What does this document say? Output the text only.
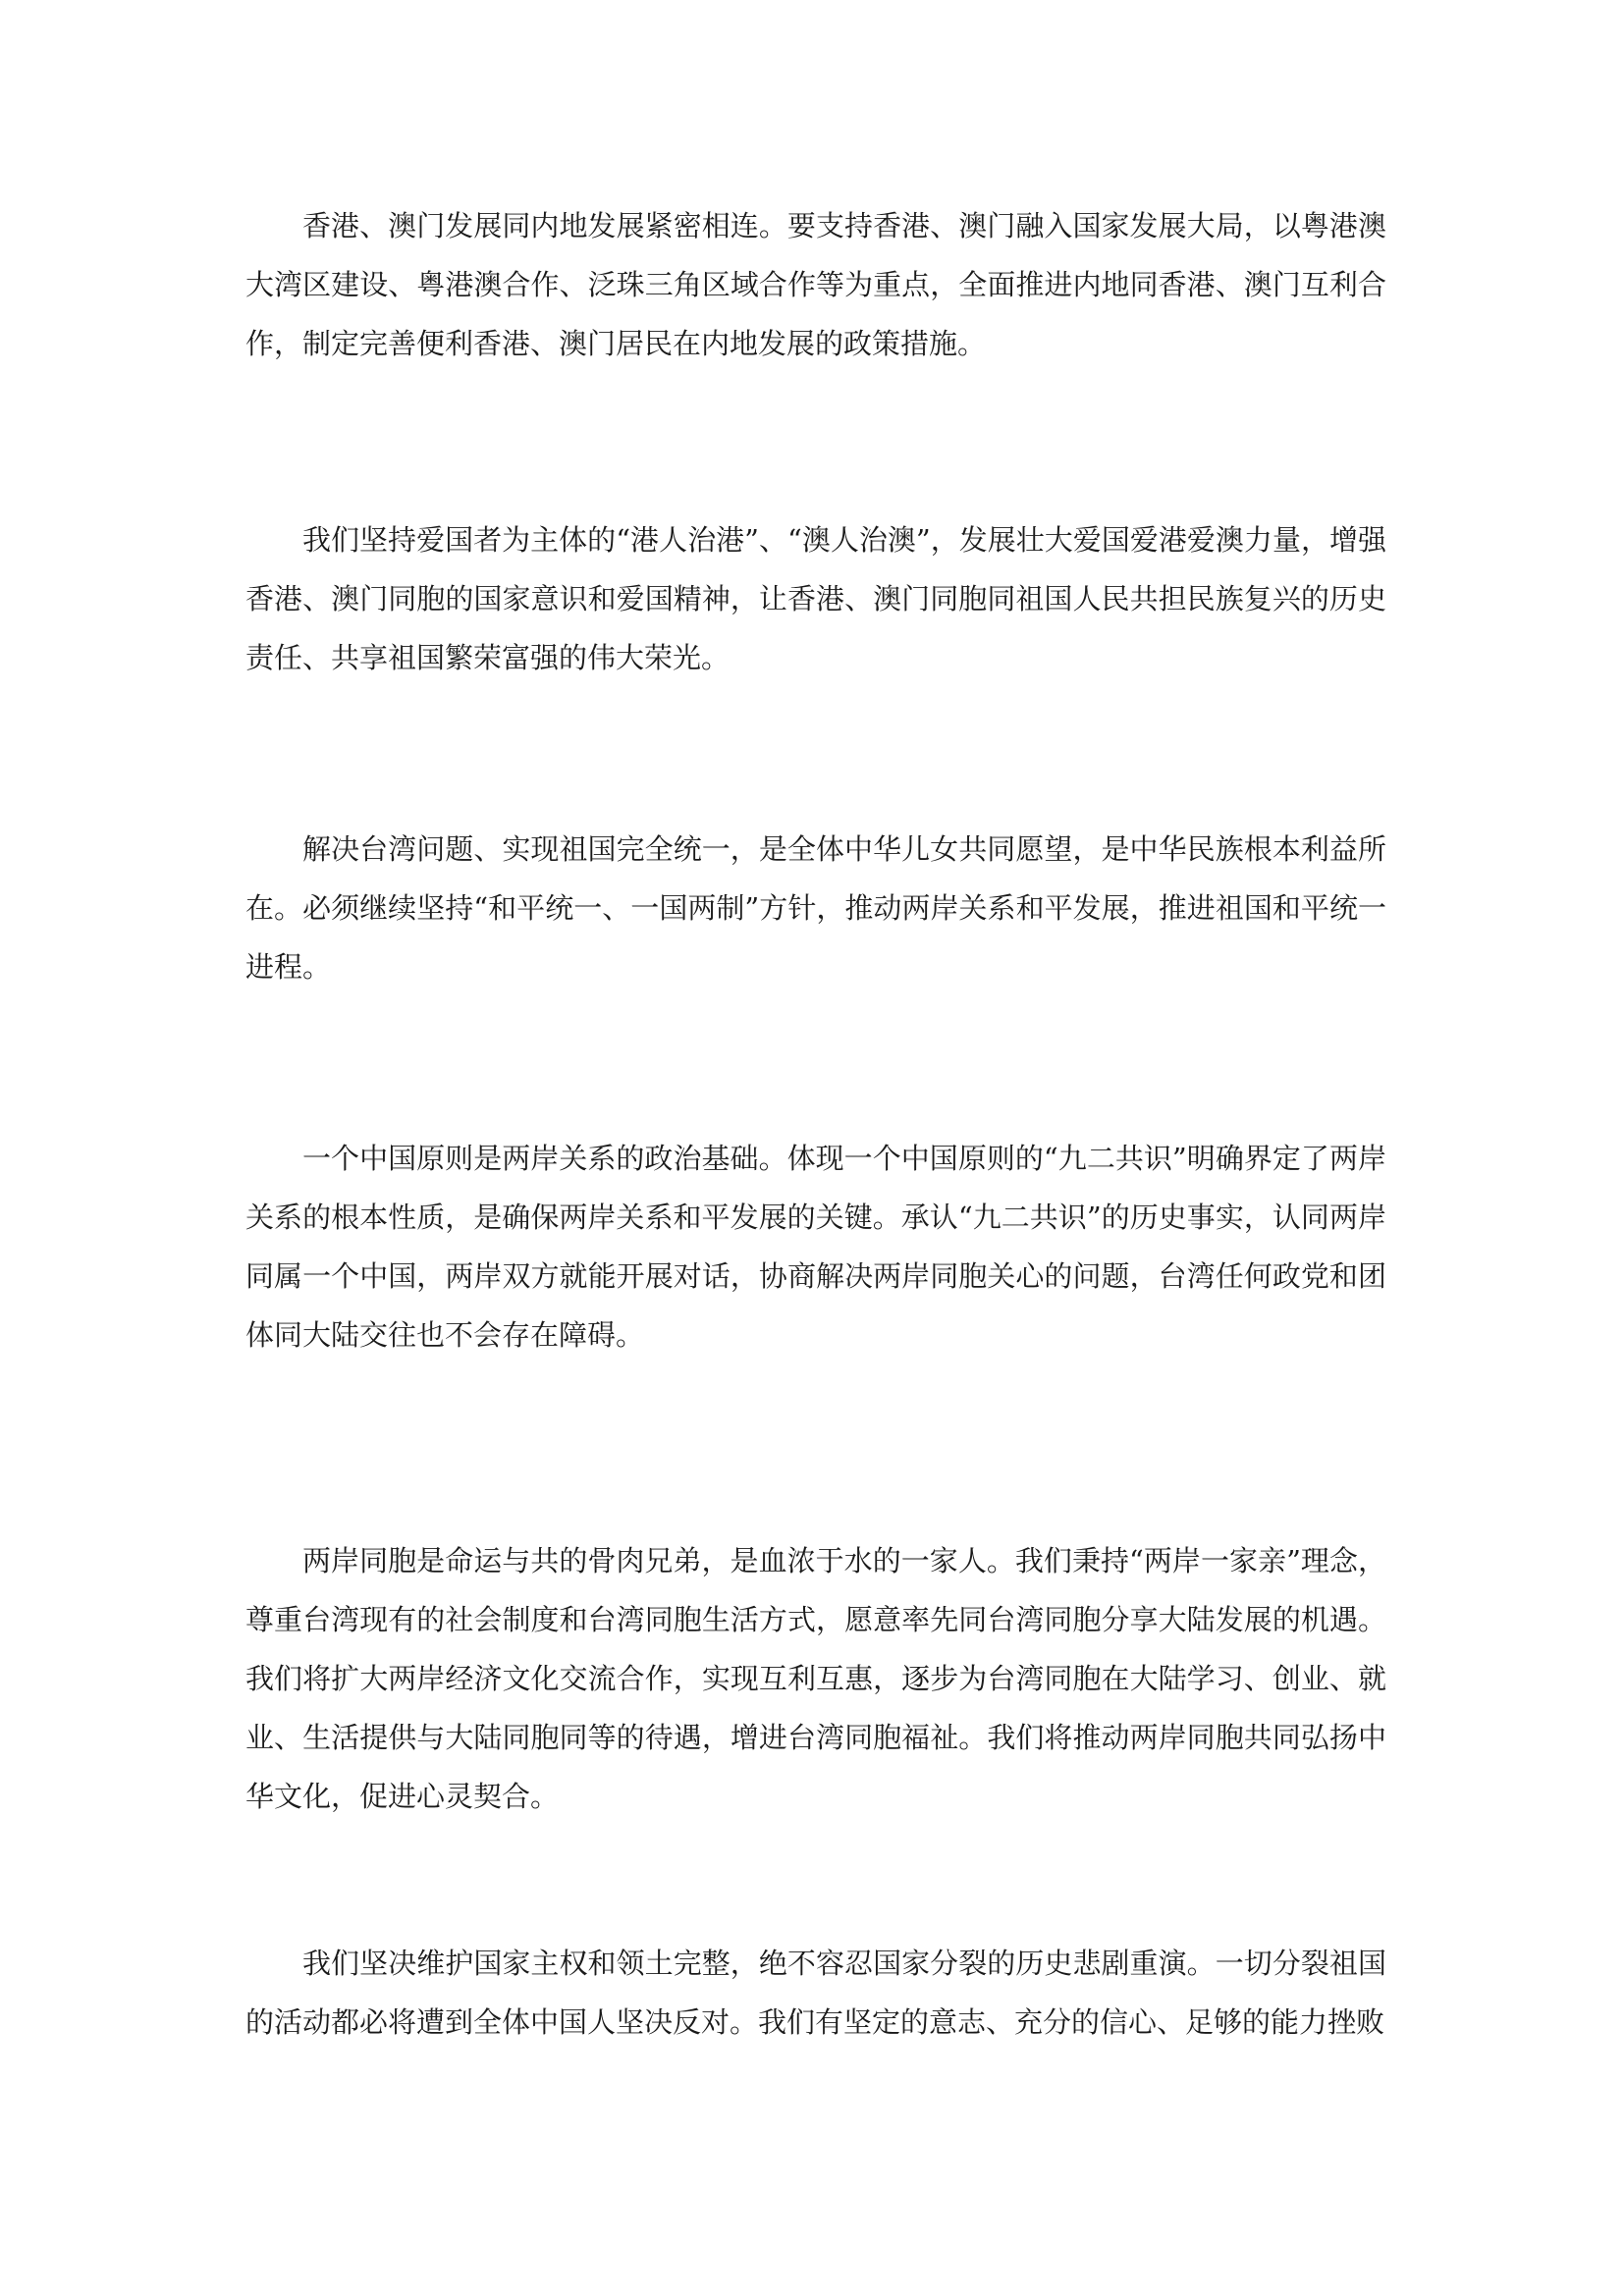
香港、澳门发展同内地发展紧密相连。要支持香港、澳门融入国家发展大局，以粤港澳大湾区建设、粤港澳合作、泛珠三角区域合作等为重点，全面推进内地同香港、澳门互利合作，制定完善便利香港、澳门居民在内地发展的政策措施。

我们坚持爱国者为主体的“港人治港”、“澳人治澳”，发展壮大爱国爱港爱澳力量，增强香港、澳门同胞的国家意识和爱国精神，让香港、澳门同胞同祖国人民共担民族复兴的历史责任、共享祖国繁荣富强的伟大荣光。

解决台湾问题、实现祖国完全统一，是全体中华儿女共同愿望，是中华民族根本利益所在。必须继续坚持“和平统一、一国两制”方针，推动两岸关系和平发展，推进祖国和平统一进程。

一个中国原则是两岸关系的政治基础。体现一个中国原则的“九二共识”明确界定了两岸关系的根本性质，是确保两岸关系和平发展的关键。承认“九二共识”的历史事实，认同两岸同属一个中国，两岸双方就能开展对话，协商解决两岸同胞关心的问题，台湾任何政党和团体同大陆交往也不会存在障碍。

两岸同胞是命运与共的骨肉兄弟，是血浓于水的一家人。我们秉持“两岸一家亲”理念，尊重台湾现有的社会制度和台湾同胞生活方式，愿意率先同台湾同胞分享大陆发展的机遇。我们将扩大两岸经济文化交流合作，实现互利互惠，逐步为台湾同胞在大陆学习、创业、就业、生活提供与大陆同胞同等的待遇，增进台湾同胞福祉。我们将推动两岸同胞共同弘扬中华文化，促进心灵契合。

我们坚决维护国家主权和领土完整，绝不容忍国家分裂的历史悲剧重演。一切分裂祖国的活动都必将遭到全体中国人坚决反对。我们有坚定的意志、充分的信心、足够的能力挫败
